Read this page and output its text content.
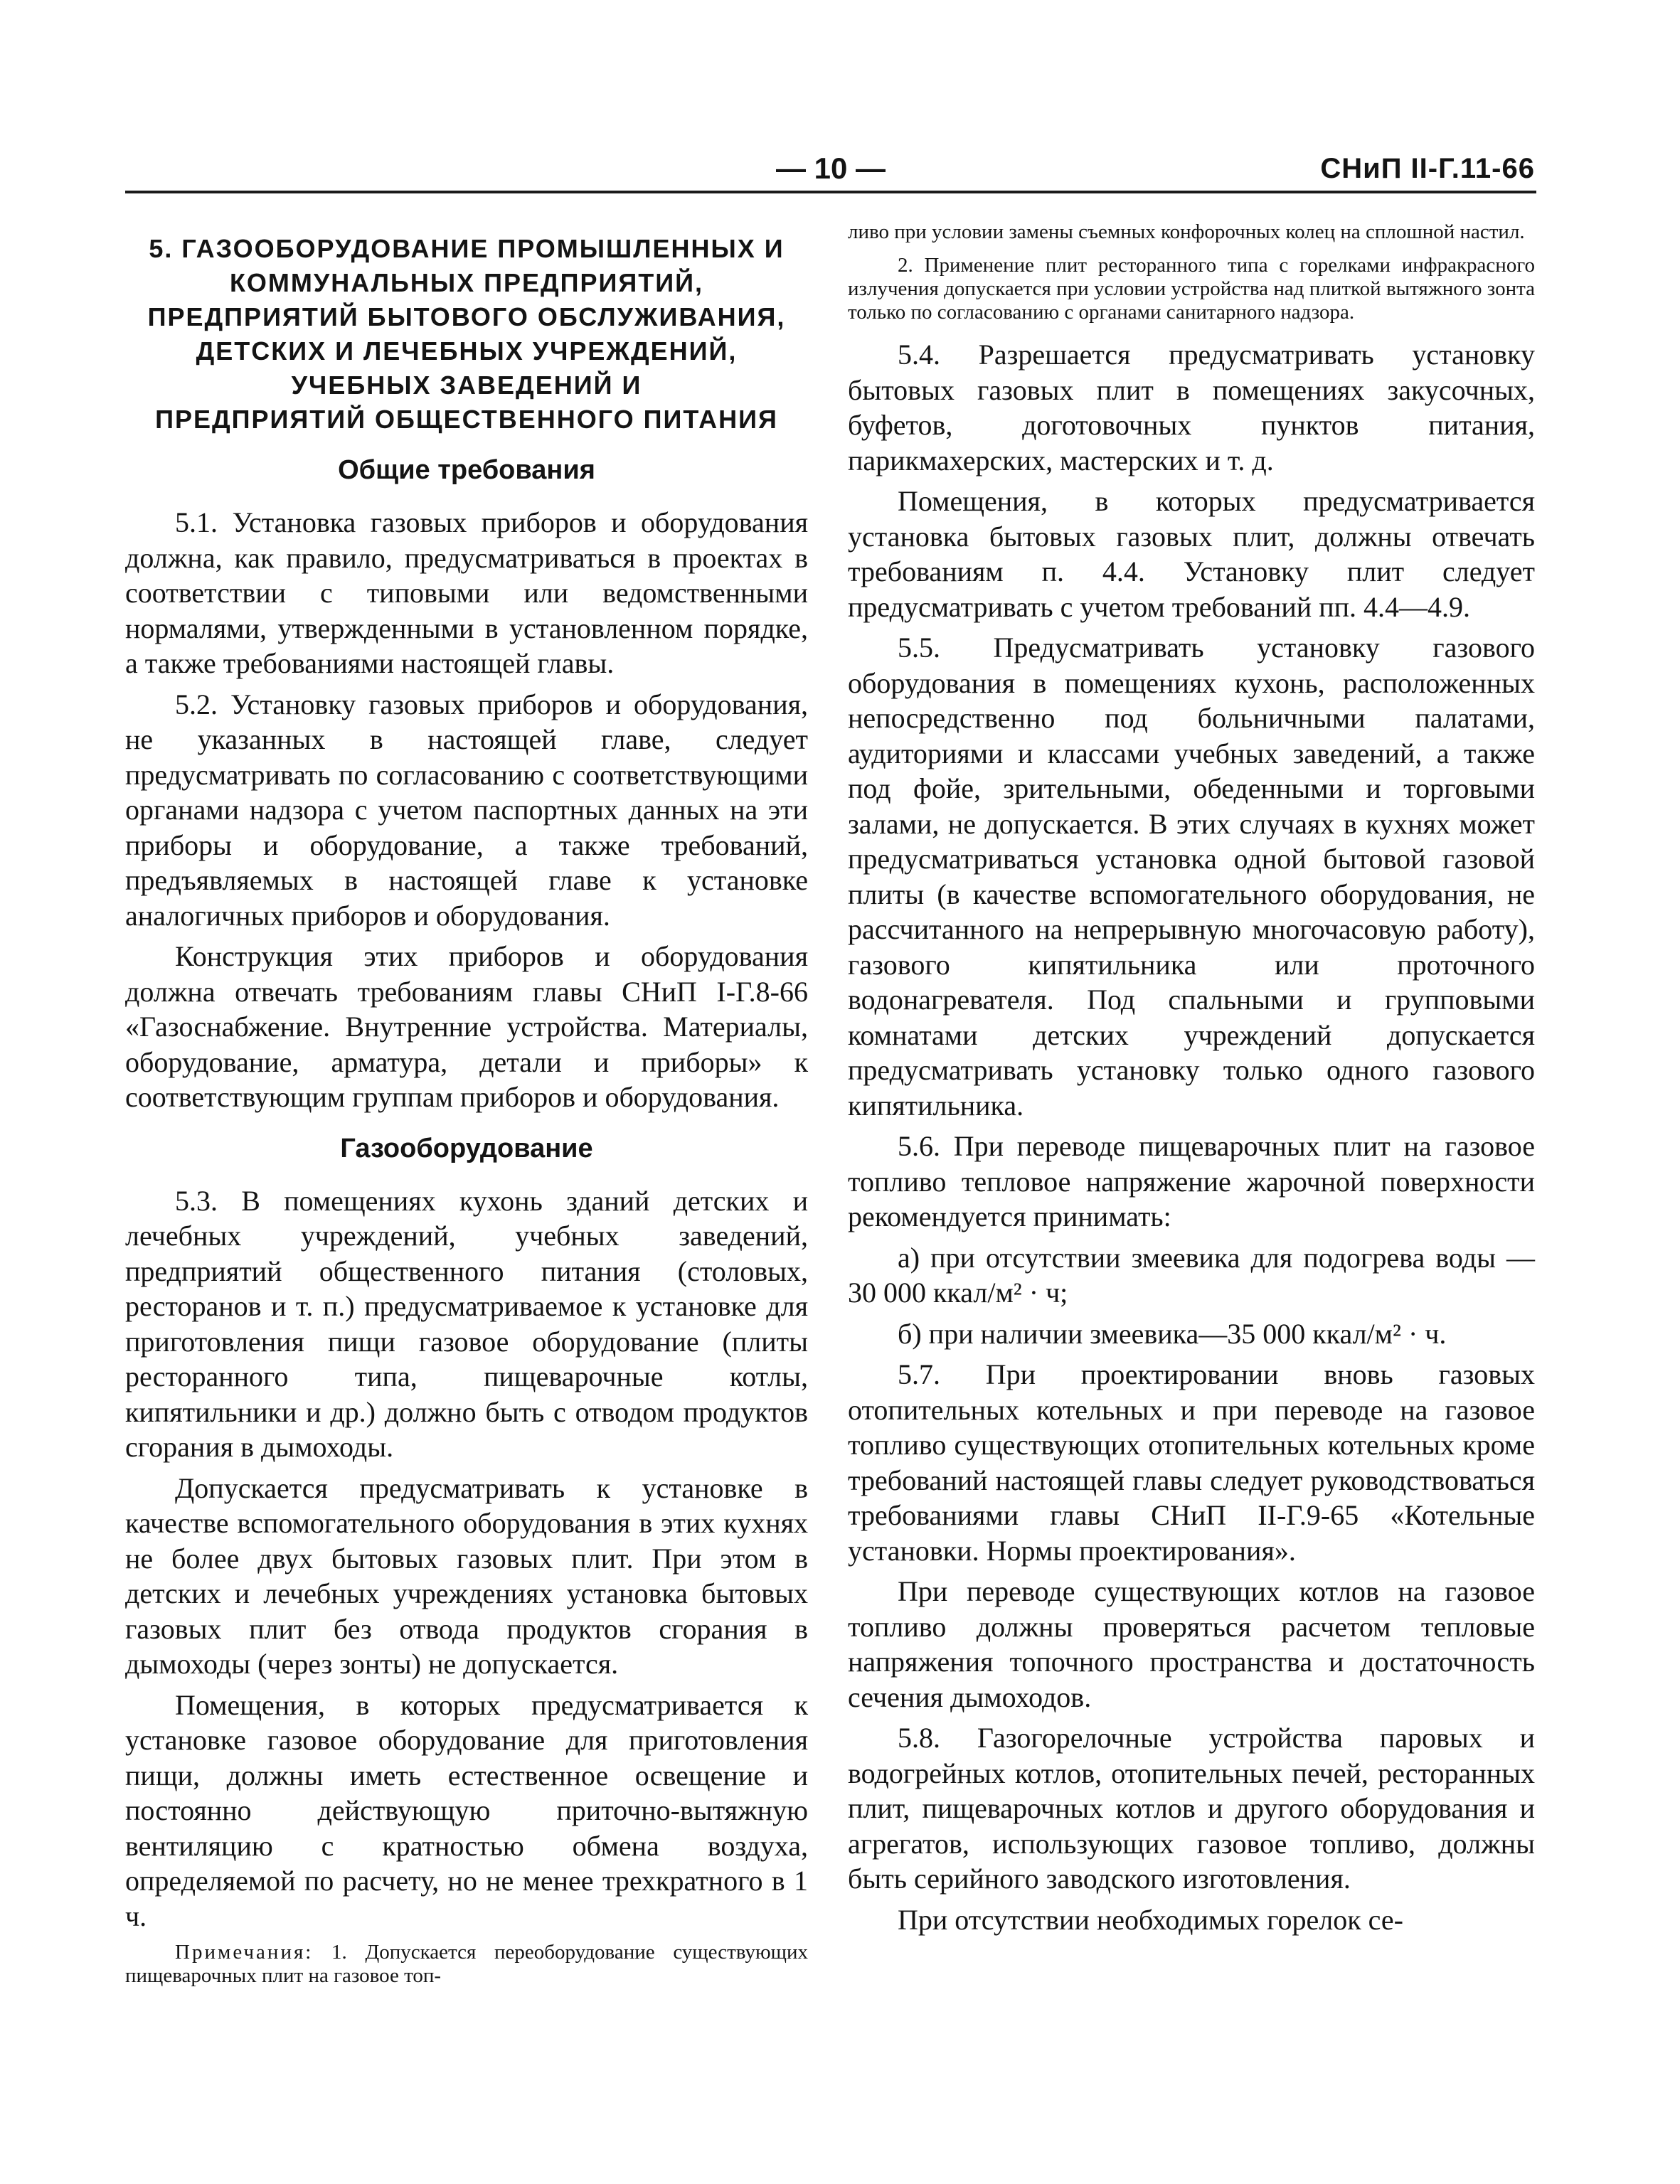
— 10 —	СНиП II-Г.11-66
5. ГАЗООБОРУДОВАНИЕ ПРОМЫШЛЕННЫХ И
КОММУНАЛЬНЫХ ПРЕДПРИЯТИЙ,
ПРЕДПРИЯТИЙ БЫТОВОГО ОБСЛУЖИВАНИЯ,
ДЕТСКИХ И ЛЕЧЕБНЫХ УЧРЕЖДЕНИЙ,
УЧЕБНЫХ ЗАВЕДЕНИЙ И
ПРЕДПРИЯТИЙ ОБЩЕСТВЕННОГО ПИТАНИЯ
Общие требования

5.1. Установка газовых приборов и оборудования должна, как правило, предусматриваться в проектах в соответствии с типовыми или ведомственными нормалями, утвержденными в установленном порядке, а также требованиями настоящей главы.

5.2. Установку газовых приборов и оборудования, не указанных в настоящей главе, следует предусматривать по согласованию с соответствующими органами надзора с учетом паспортных данных на эти приборы и оборудование, а также требований, предъявляемых в настоящей главе к установке аналогичных приборов и оборудования.

Конструкция этих приборов и оборудования должна отвечать требованиям главы СНиП I-Г.8-66 «Газоснабжение. Внутренние устройства. Материалы, оборудование, арматура, детали и приборы» к соответствующим группам приборов и оборудования.

Газооборудование

5.3. В помещениях кухонь зданий детских и лечебных учреждений, учебных заведений, предприятий общественного питания (столовых, ресторанов и т. п.) предусматриваемое к установке для приготовления пищи газовое оборудование (плиты ресторанного типа, пищеварочные котлы, кипятильники и др.) должно быть с отводом продуктов сгорания в дымоходы.

Допускается предусматривать к установке в качестве вспомогательного оборудования в этих кухнях не более двух бытовых газовых плит. При этом в детских и лечебных учреждениях установка бытовых газовых плит без отвода продуктов сгорания в дымоходы (через зонты) не допускается.

Помещения, в которых предусматривается к установке газовое оборудование для приготовления пищи, должны иметь естественное освещение и постоянно действующую приточно-вытяжную вентиляцию с кратностью обмена воздуха, определяемой по расчету, но не менее трехкратного в 1 ч.

Примечания: 1. Допускается переоборудование существующих пищеварочных плит на газовое топ-
ливо при условии замены съемных конфорочных колец на сплошной настил.
2. Применение плит ресторанного типа с горелками инфракрасного излучения допускается при условии устройства над плиткой вытяжного зонта только по согласованию с органами санитарного надзора.

5.4. Разрешается предусматривать установку бытовых газовых плит в помещениях закусочных, буфетов, доготовочных пунктов питания, парикмахерских, мастерских и т. д.

Помещения, в которых предусматривается установка бытовых газовых плит, должны отвечать требованиям п. 4.4. Установку плит следует предусматривать с учетом требований пп. 4.4—4.9.

5.5. Предусматривать установку газового оборудования в помещениях кухонь, расположенных непосредственно под больничными палатами, аудиториями и классами учебных заведений, а также под фойе, зрительными, обеденными и торговыми залами, не допускается. В этих случаях в кухнях может предусматриваться установка одной бытовой газовой плиты (в качестве вспомогательного оборудования, не рассчитанного на непрерывную многочасовую работу), газового кипятильника или проточного водонагревателя. Под спальными и групповыми комнатами детских учреждений допускается предусматривать установку только одного газового кипятильника.

5.6. При переводе пищеварочных плит на газовое топливо тепловое напряжение жарочной поверхности рекомендуется принимать:

а) при отсутствии змеевика для подогрева воды — 30 000 ккал/м² · ч;

б) при наличии змеевика—35 000 ккал/м² · ч.

5.7. При проектировании вновь газовых отопительных котельных и при переводе на газовое топливо существующих отопительных котельных кроме требований настоящей главы следует руководствоваться требованиями главы СНиП II-Г.9-65 «Котельные установки. Нормы проектирования».

При переводе существующих котлов на газовое топливо должны проверяться расчетом тепловые напряжения топочного пространства и достаточность сечения дымоходов.

5.8. Газогорелочные устройства паровых и водогрейных котлов, отопительных печей, ресторанных плит, пищеварочных котлов и другого оборудования и агрегатов, использующих газовое топливо, должны быть серийного заводского изготовления.

При отсутствии необходимых горелок се-
